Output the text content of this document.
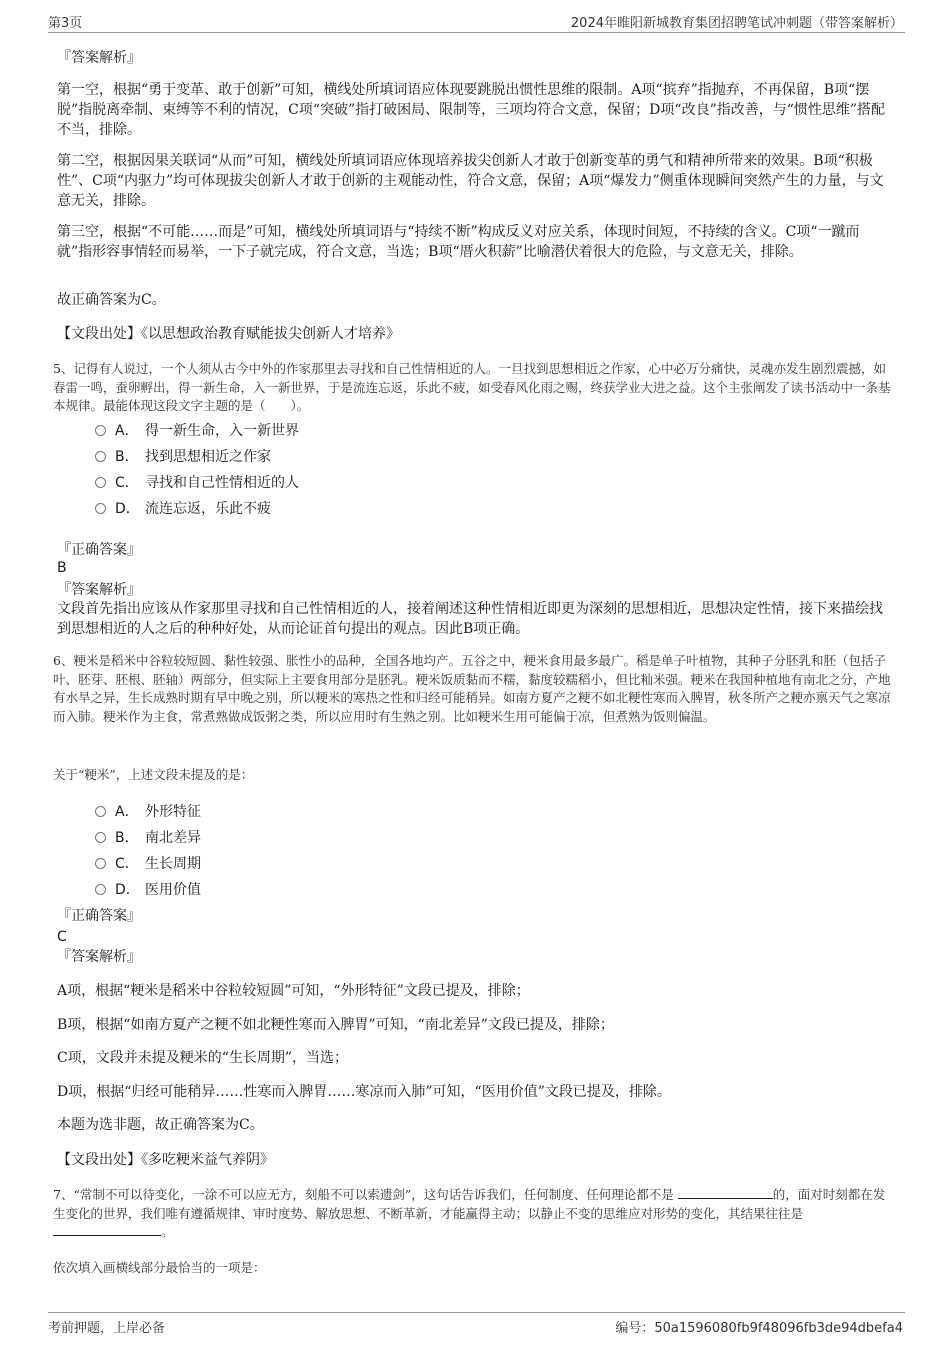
第3页	2024年睢阳新城教育集团招聘笔试冲刺题（带答案解析）
『答案解析』
第一空，根据“勇于变革、敢于创新”可知，横线处所填词语应体现要跳脱出惯性思维的限制。A项“摈弃”指抛弃，不再保留，B项“摆脱”指脱离牵制、束缚等不利的情况，C项“突破”指打破困局、限制等，三项均符合文意，保留；D项“改良”指改善，与“惯性思维”搭配不当，排除。
第二空，根据因果关联词“从而”可知，横线处所填词语应体现培养拔尖创新人才敢于创新变革的勇气和精神所带来的效果。B项“积极性”、C项“内驱力”均可体现拔尖创新人才敢于创新的主观能动性，符合文意，保留；A项“爆发力”侧重体现瞬间突然产生的力量，与文意无关，排除。
第三空，根据“不可能……而是”可知，横线处所填词语与“持续不断”构成反义对应关系，体现时间短，不持续的含义。C项“一蹴而就”指形容事情轻而易举，一下子就完成，符合文意，当选；B项“厝火积薪”比喻潜伏着很大的危险，与文意无关，排除。
故正确答案为C。
【文段出处】《以思想政治教育赋能拔尖创新人才培养》
5、记得有人说过，一个人须从古今中外的作家那里去寻找和自己性情相近的人。一旦找到思想相近之作家，心中必万分痛快，灵魂亦发生剧烈震撼，如春雷一鸣，蚕卵孵出，得一新生命，入一新世界，于是流连忘返，乐此不疲，如受春风化雨之赐，终获学业大进之益。这个主张阐发了读书活动中一条基本规律。最能体现这段文字主题的是（　　）。
A． 得一新生命，入一新世界
B． 找到思想相近之作家
C． 寻找和自己性情相近的人
D． 流连忘返，乐此不疲
『正确答案』
B
『答案解析』
文段首先指出应该从作家那里寻找和自己性情相近的人，接着阐述这种性情相近即更为深刻的思想相近，思想决定性情，接下来描绘找到思想相近的人之后的种种好处，从而论证首句提出的观点。因此B项正确。
6、粳米是稻米中谷粒较短圆、黏性较强、胀性小的品种，全国各地均产。五谷之中，粳米食用最多最广。稻是单子叶植物，其种子分胚乳和胚（包括子叶、胚芽、胚根、胚轴）两部分，但实际上主要食用部分是胚乳。粳米饭质黏而不糯，黏度较糯稻小，但比籼米强。粳米在我国种植地有南北之分，产地有水旱之异，生长成熟时期有早中晚之别，所以粳米的寒热之性和归经可能稍异。如南方夏产之粳不如北粳性寒而入脾胃，秋冬所产之粳亦禀天气之寒凉而入肺。粳米作为主食，常煮熟做成饭粥之类，所以应用时有生熟之别。比如粳米生用可能偏于凉，但煮熟为饭则偏温。
关于“粳米”，上述文段未提及的是：
A． 外形特征
B． 南北差异
C． 生长周期
D． 医用价值
『正确答案』
C
『答案解析』
A项，根据“粳米是稻米中谷粒较短圆”可知，“外形特征”文段已提及，排除；
B项，根据“如南方夏产之粳不如北粳性寒而入脾胃”可知，“南北差异”文段已提及，排除；
C项，文段并未提及粳米的“生长周期”，当选；
D项，根据“归经可能稍异……性寒而入脾胃……寒凉而入肺”可知，“医用价值”文段已提及，排除。
本题为选非题，故正确答案为C。
【文段出处】《多吃粳米益气养阴》
7、“常制不可以待变化，一涂不可以应无方，刻船不可以索遗剑”，这句话告诉我们，任何制度、任何理论都不是	的，面对时刻都在发生变化的世界，我们唯有遵循规律、审时度势、解放思想、不断革新，才能赢得主动；以静止不变的思维应对形势的变化，其结果往往是 。
依次填入画横线部分最恰当的一项是：
考前押题，上岸必备	编号：50a1596080fb9f48096fb3de94dbefa4
